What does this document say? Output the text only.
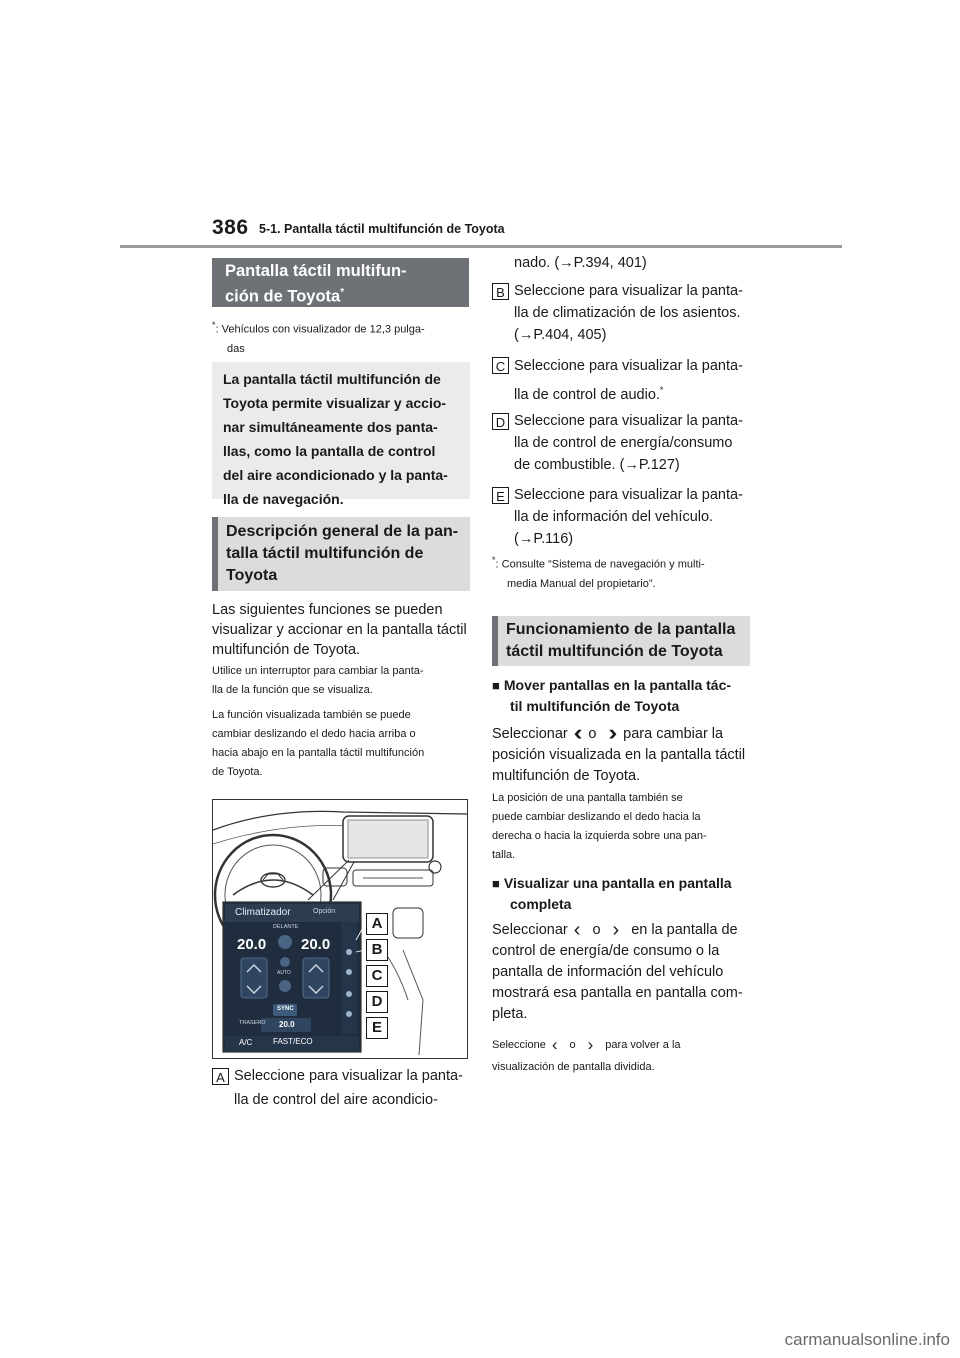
386 5-1. Pantalla táctil multifunción de Toyota
Pantalla táctil multifun-
ción de Toyota*
*: Vehículos con visualizador de 12,3 pulga-
das
La pantalla táctil multifunción de
Toyota permite visualizar y accio-
nar simultáneamente dos panta-
llas, como la pantalla de control
del aire acondicionado y la panta-
lla de navegación.
Descripción general de la pan-
talla táctil multifunción de
Toyota
Las siguientes funciones se pueden
visualizar y accionar en la pantalla táctil
multifunción de Toyota.
Utilice un interruptor para cambiar la panta-
lla de la función que se visualiza.
La función visualizada también se puede
cambiar deslizando el dedo hacia arriba o
hacia abajo en la pantalla táctil multifunción
de Toyota.
Climatizador	Opción
DELANTE
20.0 20.0
AUTO
SYNC
TRASERO 20.0
A/C	FAST/ECO
A
B
C
D
E
A Seleccione para visualizar la panta-
lla de control del aire acondicio-
nado. (→P.394, 401)
B Seleccione para visualizar la panta-
lla de climatización de los asientos.
(→P.404, 405)
C Seleccione para visualizar la panta-
lla de control de audio.*
D Seleccione para visualizar la panta-
lla de control de energía/consumo
de combustible. (→P.127)
E Seleccione para visualizar la panta-
lla de información del vehículo.
(→P.116)
*: Consulte “Sistema de navegación y multi-
media Manual del propietario”.
Funcionamiento de la pantalla
táctil multifunción de Toyota
■ Mover pantallas en la pantalla tác-
til multifunción de Toyota
Seleccionar ‹‹ o ›› para cambiar la
posición visualizada en la pantalla táctil
multifunción de Toyota.
La posición de una pantalla también se
puede cambiar deslizando el dedo hacia la
derecha o hacia la izquierda sobre una pan-
talla.
■ Visualizar una pantalla en pantalla
completa
Seleccionar ‹ o › en la pantalla de
control de energía/de consumo o la
pantalla de información del vehículo
mostrará esa pantalla en pantalla com-
pleta.
Seleccione ‹ o › para volver a la
visualización de pantalla dividida.
carmanualsonline.info
